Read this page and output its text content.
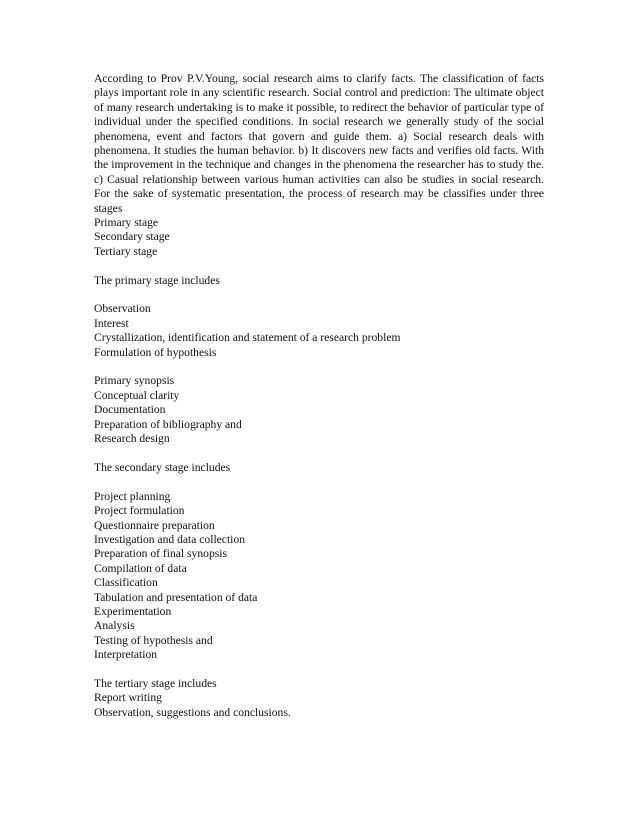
According to Prov P.V.Young, social research aims to clarify facts. The classification of facts plays important role in any scientific research. Social control and prediction: The ultimate object of many research undertaking is to make it possible, to redirect the behavior of particular type of individual under the specified conditions. In social research we generally study of the social phenomena, event and factors that govern and guide them. a) Social research deals with phenomena. It studies the human behavior. b) It discovers new facts and verifies old facts. With the improvement in the technique and changes in the phenomena the researcher has to study the. c) Casual relationship between various human activities can also be studies in social research. For the sake of systematic presentation, the process of research may be classifies under three stages

Primary stage

Secondary stage

Tertiary stage

The primary stage includes

Observation

Interest

Crystallization, identification and statement of a research problem

Formulation of hypothesis

Primary synopsis

Conceptual clarity

Documentation

Preparation of bibliography and

Research design

The secondary stage includes

Project planning

Project formulation

Questionnaire preparation

Investigation and data collection

Preparation of final synopsis

Compilation of data

Classification

Tabulation and presentation of data

Experimentation

Analysis

Testing of hypothesis and

Interpretation

The tertiary stage includes

Report writing

Observation, suggestions and conclusions.
